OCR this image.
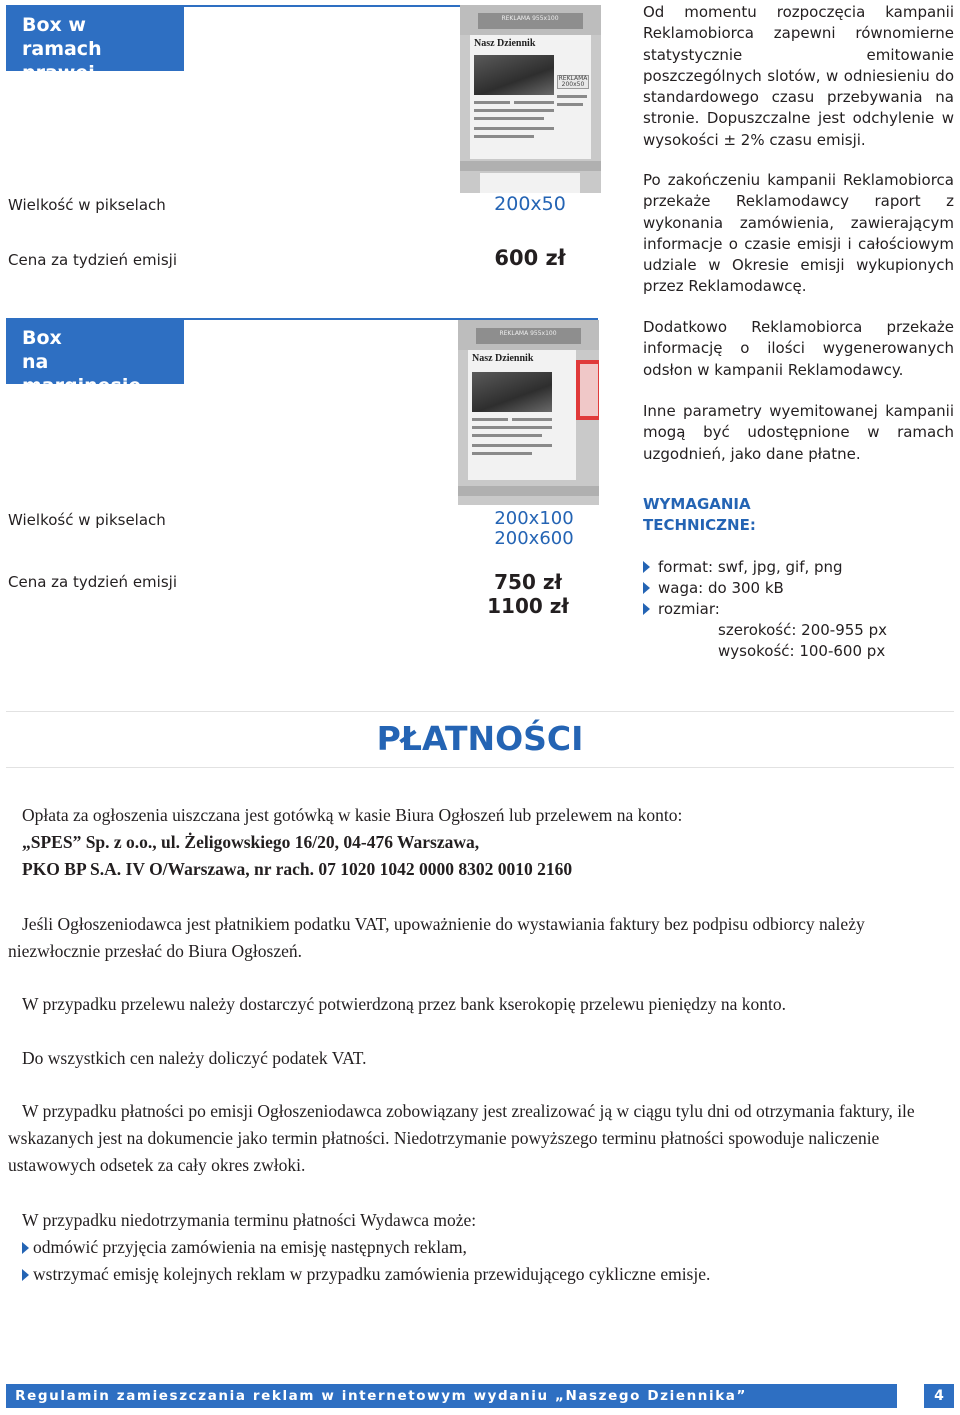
Box w ramach
prawej kolumny
REKLAMA 955x100
Nasz Dziennik
REKLAMA 200x50
Wielkość w pikselach
Cena za tydzień emisji
200x50
600 zł
Box
na marginesie
REKLAMA 955x100
Nasz Dziennik
Wielkość w pikselach
Cena za tydzień emisji
200x100
200x600
750 zł
1100 zł
Od momentu rozpoczęcia kampanii Reklamobiorca zapewni równomierne statystycznie emitowanie poszczególnych slotów, w odniesieniu do standardowego czasu przebywania na stronie. Dopuszczalne jest odchylenie w wysokości ± 2% czasu emisji.
Po zakończeniu kampanii Reklamobiorca przekaże Reklamodawcy raport z wykonania zamówienia, zawierającym informacje o czasie emisji i całościowym udziale w Okresie emisji wykupionych przez Reklamodawcę.
Dodatkowo Reklamobiorca przekaże informację o ilości wygenerowanych odsłon w kampanii Reklamodawcy.
Inne parametry wyemitowanej kampanii mogą być udostępnione w ramach uzgodnień, jako dane płatne.
WYMAGANIA
TECHNICZNE:
format: swf, jpg, gif, png
waga: do 300 kB
rozmiar:
szerokość: 200-955 px
wysokość: 100-600 px
PŁATNOŚCI
Opłata za ogłoszenia uiszczana jest gotówką w kasie Biura Ogłoszeń lub przelewem na konto:
„SPES” Sp. z o.o., ul. Żeligowskiego 16/20, 04-476 Warszawa,
PKO BP S.A. IV O/Warszawa, nr rach. 07 1020 1042 0000 8302 0010 2160
Jeśli Ogłoszeniodawca jest płatnikiem podatku VAT, upoważnienie do wystawiania faktury bez podpisu odbiorcy należy niezwłocznie przesłać do Biura Ogłoszeń.
W przypadku przelewu należy dostarczyć potwierdzoną przez bank kserokopię przelewu pieniędzy na konto.
Do wszystkich cen należy doliczyć podatek VAT.
W przypadku płatności po emisji Ogłoszeniodawca zobowiązany jest zrealizować ją w ciągu tylu dni od otrzymania faktury, ile wskazanych jest na dokumencie jako termin płatności. Niedotrzymanie powyższego terminu płatności spowoduje naliczenie ustawowych odsetek za cały okres zwłoki.
W przypadku niedotrzymania terminu płatności Wydawca może:
odmówić przyjęcia zamówienia na emisję następnych reklam,
wstrzymać emisję kolejnych reklam w przypadku zamówienia przewidującego cykliczne emisje.
Regulamin zamieszczania reklam w internetowym wydaniu „Naszego Dziennika”	4
